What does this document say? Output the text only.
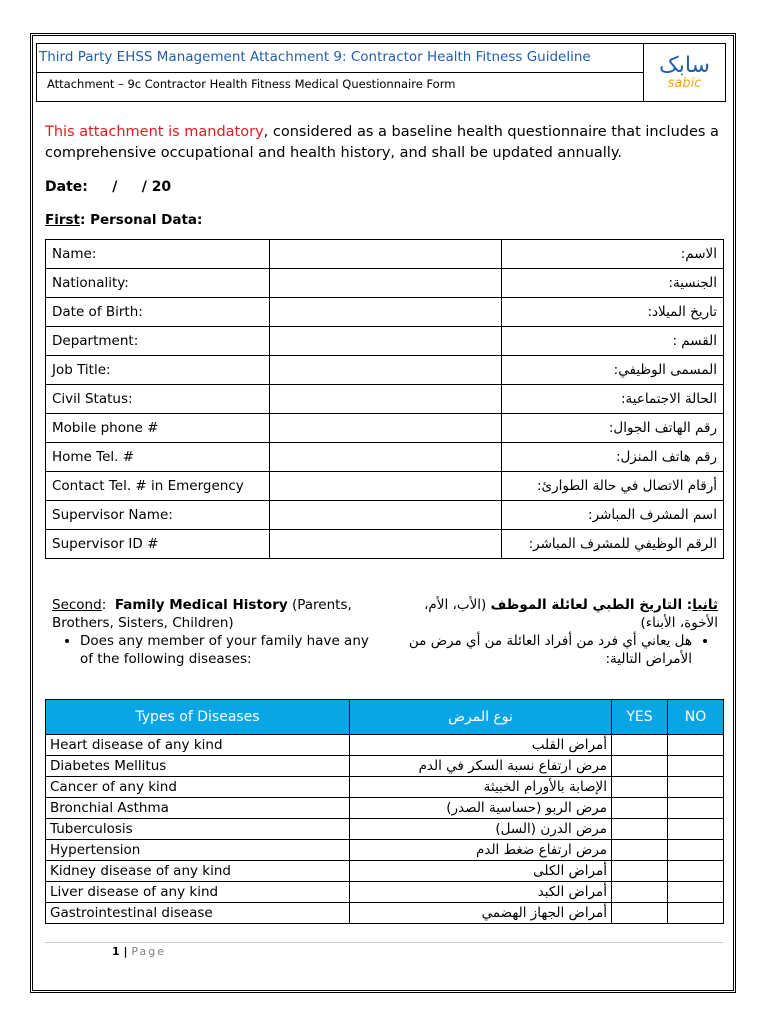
Third Party EHSS Management Attachment 9: Contractor Health Fitness Guideline
Attachment – 9c Contractor Health Fitness Medical Questionnaire Form
سابک
sabic
This attachment is mandatory, considered as a baseline health questionnaire that includes a comprehensive occupational and health history, and shall be updated annually.
Date:     /     / 20
First: Personal Data:
Name:		الاسم:
Nationality:		الجنسية:
Date of Birth:		تاريخ الميلاد:
Department:		القسم :
Job Title:		المسمى الوظيفي:
Civil Status:		الحالة الاجتماعية:
Mobile phone #		رقم الهاتف الجوال:
Home Tel. #		رقم هاتف المنزل:
Contact Tel. # in Emergency		أرقام الاتصال في حالة الطوارئ:
Supervisor Name:		اسم المشرف المباشر:
Supervisor ID #		الرقم الوظيفي للمشرف المباشر:
Second:  Family Medical History (Parents, Brothers, Sisters, Children)
• Does any member of your family have any of the following diseases:
ثانيا: التاريخ الطبي لعائلة الموظف (الأب، الأم، الأخوة، الأبناء)
• هل يعاني أي فرد من أفراد العائلة من أي مرض من الأمراض التالية:
Types of Diseases	نوع المرض	YES	NO
Heart disease of any kind	أمراض القلب		
Diabetes Mellitus	مرض ارتفاع نسبة السكر في الدم		
Cancer of any kind	الإصابة بالأورام الخبيثة		
Bronchial Asthma	مرض الربو (حساسية الصدر)		
Tuberculosis	مرض الدرن (السل)		
Hypertension	مرض ارتفاع ضغط الدم		
Kidney disease of any kind	أمراض الكلى		
Liver disease of any kind	أمراض الكبد		
Gastrointestinal disease	أمراض الجهاز الهضمي		
1 | Page
